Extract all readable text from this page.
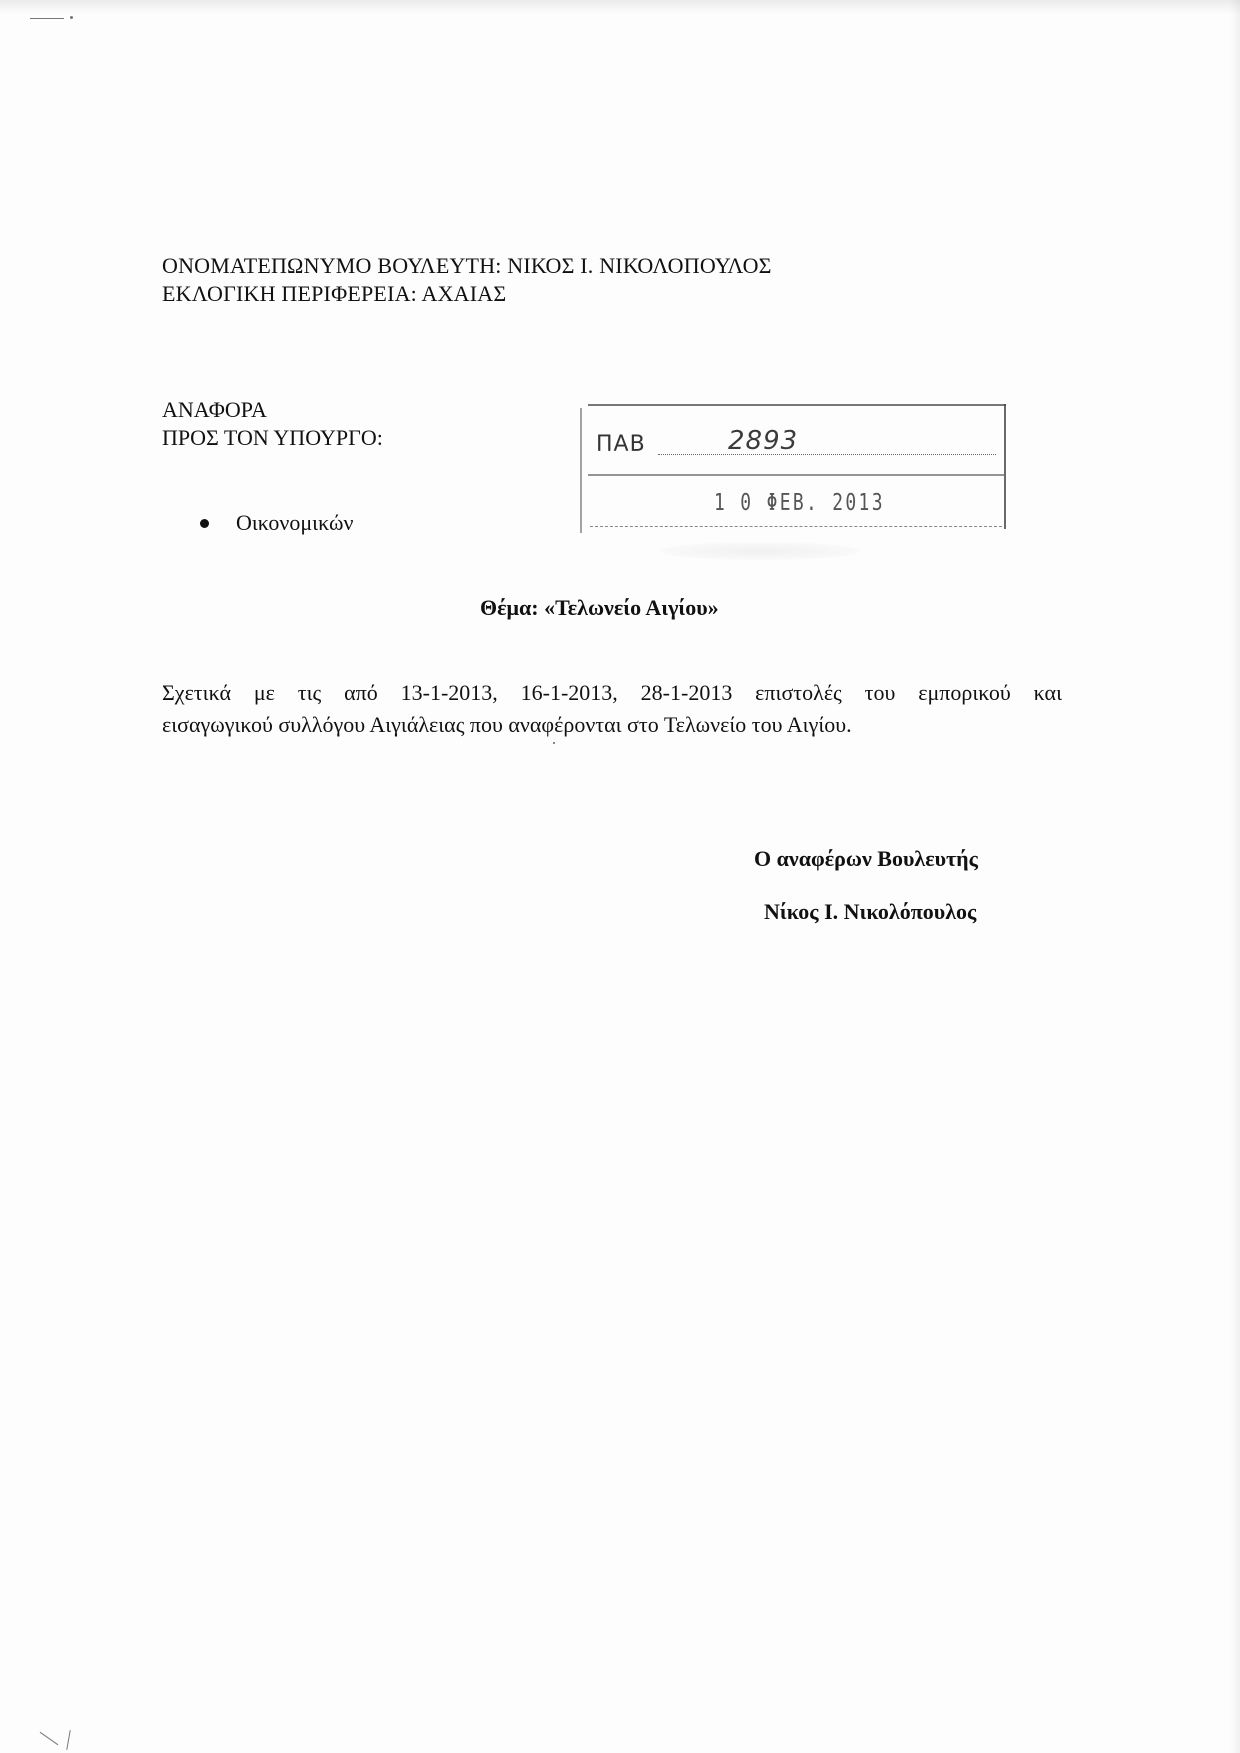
ΟΝΟΜΑΤΕΠΩΝΥΜΟ ΒΟΥΛΕΥΤΗ: ΝΙΚΟΣ Ι. ΝΙΚΟΛΟΠΟΥΛΟΣ
ΕΚΛΟΓΙΚΗ ΠΕΡΙΦΕΡΕΙΑ: ΑΧΑΙΑΣ
ΑΝΑΦΟΡΑ
ΠΡΟΣ ΤΟΝ ΥΠΟΥΡΓΟ:
Οικονομικών
ΠΑΒ	2893
1 0 ΦΕΒ. 2013
Θέμα: «Τελωνείο Αιγίου»
Σχετικά με τις από 13-1-2013, 16-1-2013, 28-1-2013 επιστολές του εμπορικού και
εισαγωγικού συλλόγου Αιγιάλειας που αναφέρονται στο Τελωνείο του Αιγίου.
Ο αναφέρων Βουλευτής
Νίκος Ι. Νικολόπουλος
